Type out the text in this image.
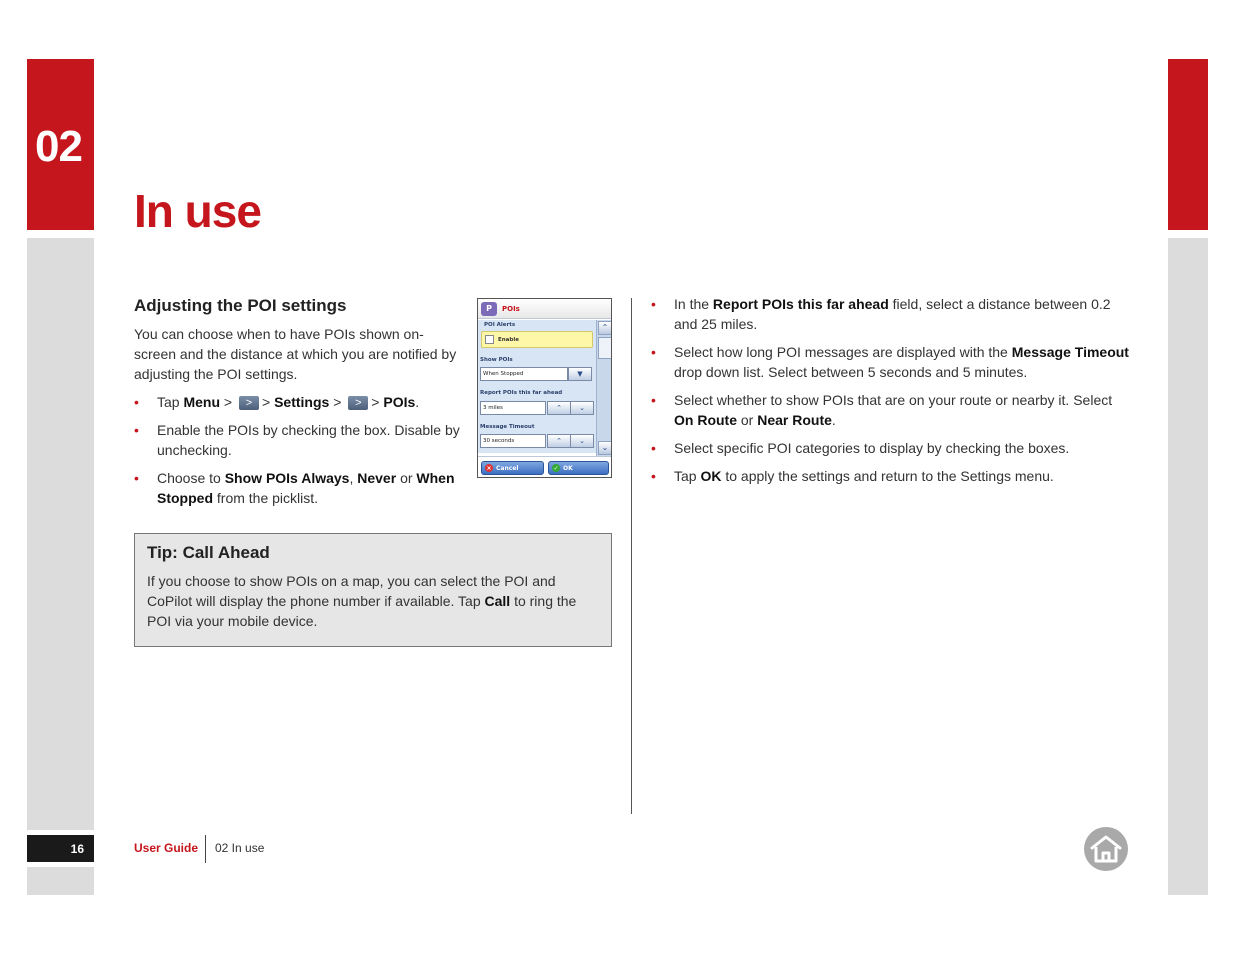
02
16
In use
Adjusting the POI settings

You can choose when to have POIs shown on-screen and the distance at which you are notified by adjusting the POI settings.

• Tap Menu > > > Settings > > > POIs.
• Enable the POIs by checking the box. Disable by unchecking.
• Choose to Show POIs Always, Never or When Stopped from the picklist.
P	POIs
POI Alerts
Enable
Show POIs
When Stopped	▼
Report POIs this far ahead
3 miles	⌃	⌄
Message Timeout
30 seconds	⌃	⌄
⌃
⌄
× Cancel	✓ OK
Tip: Call Ahead
If you choose to show POIs on a map, you can select the POI and CoPilot will display the phone number if available. Tap Call to ring the POI via your mobile device.
• In the Report POIs this far ahead field, select a distance between 0.2 and 25 miles.
• Select how long POI messages are displayed with the Message Timeout drop down list. Select between 5 seconds and 5 minutes.
• Select whether to show POIs that are on your route or nearby it. Select On Route or Near Route.
• Select specific POI categories to display by checking the boxes.
• Tap OK to apply the settings and return to the Settings menu.
User Guide 02 In use
